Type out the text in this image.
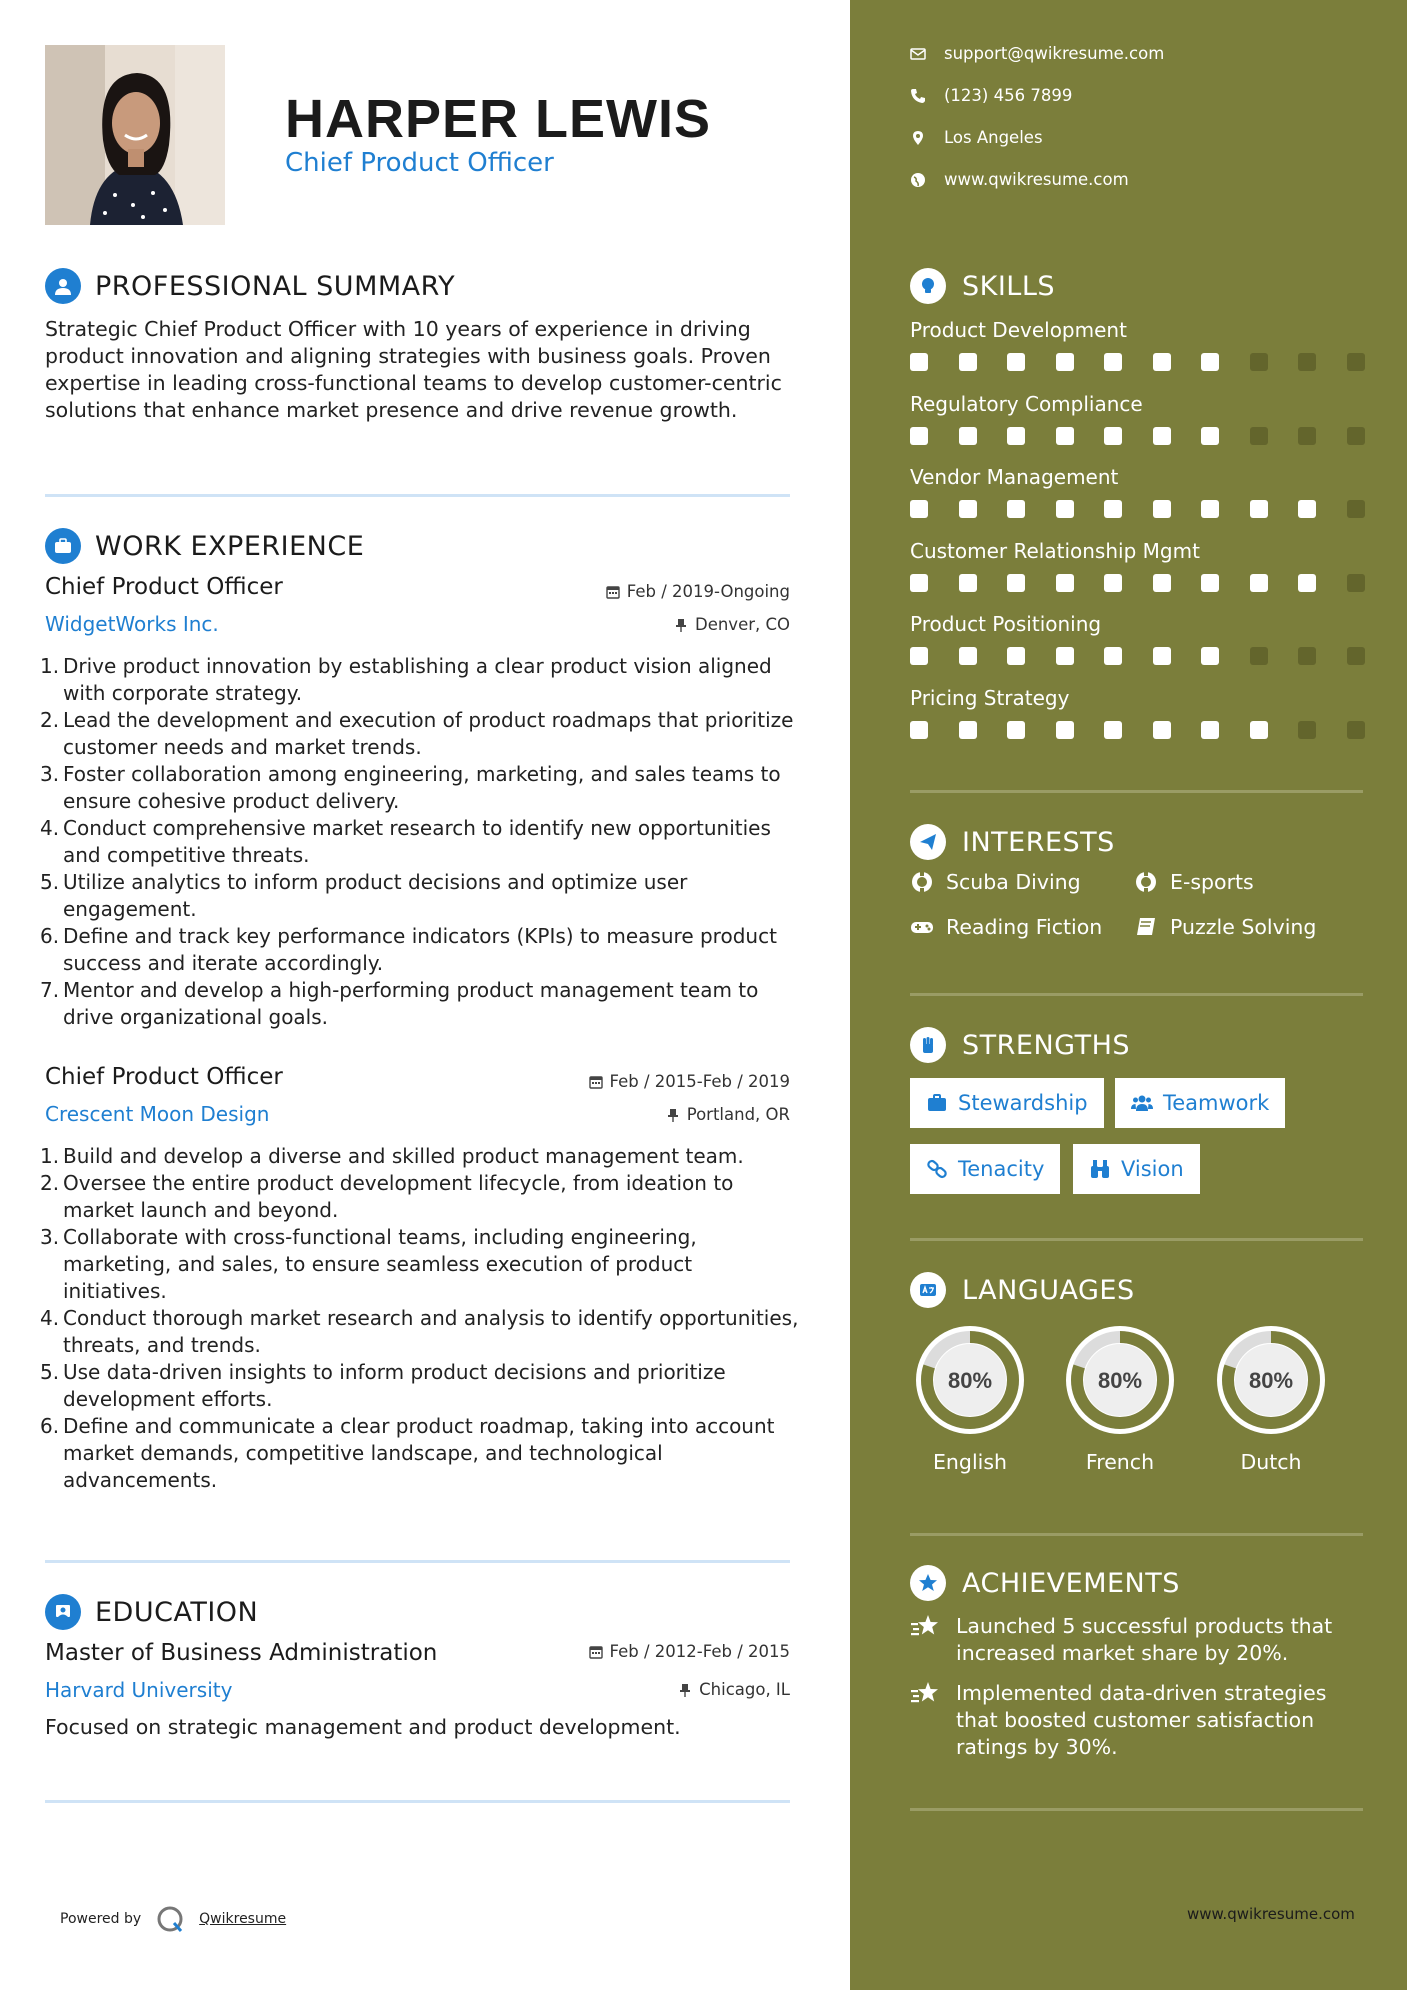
HARPER LEWIS
Chief Product Officer
PROFESSIONAL SUMMARY
Strategic Chief Product Officer with 10 years of experience in driving product innovation and aligning strategies with business goals. Proven expertise in leading cross-functional teams to develop customer-centric solutions that enhance market presence and drive revenue growth.
WORK EXPERIENCE
Chief Product Officer
WidgetWorks Inc.
Feb / 2019-Ongoing
Denver, CO
1. Drive product innovation by establishing a clear product vision aligned with corporate strategy.
2. Lead the development and execution of product roadmaps that prioritize customer needs and market trends.
3. Foster collaboration among engineering, marketing, and sales teams to ensure cohesive product delivery.
4. Conduct comprehensive market research to identify new opportunities and competitive threats.
5. Utilize analytics to inform product decisions and optimize user engagement.
6. Define and track key performance indicators (KPIs) to measure product success and iterate accordingly.
7. Mentor and develop a high-performing product management team to drive organizational goals.
Chief Product Officer
Crescent Moon Design
Feb / 2015-Feb / 2019
Portland, OR
1. Build and develop a diverse and skilled product management team.
2. Oversee the entire product development lifecycle, from ideation to market launch and beyond.
3. Collaborate with cross-functional teams, including engineering, marketing, and sales, to ensure seamless execution of product initiatives.
4. Conduct thorough market research and analysis to identify opportunities, threats, and trends.
5. Use data-driven insights to inform product decisions and prioritize development efforts.
6. Define and communicate a clear product roadmap, taking into account market demands, competitive landscape, and technological advancements.
EDUCATION
Master of Business Administration
Harvard University
Feb / 2012-Feb / 2015
Chicago, IL
Focused on strategic management and product development.
Powered by	Qwikresume
support@qwikresume.com
(123) 456 7899
Los Angeles
www.qwikresume.com
SKILLS
Product Development
Regulatory Compliance
Vendor Management
Customer Relationship Mgmt
Product Positioning
Pricing Strategy
INTERESTS
Scuba Diving	E-sports
Reading Fiction	Puzzle Solving
STRENGTHS
Stewardship	Teamwork
Tenacity	Vision
LANGUAGES
80%
English
80%
French
80%
Dutch
ACHIEVEMENTS
Launched 5 successful products that increased market share by 20%.
Implemented data-driven strategies that boosted customer satisfaction ratings by 30%.
www.qwikresume.com
